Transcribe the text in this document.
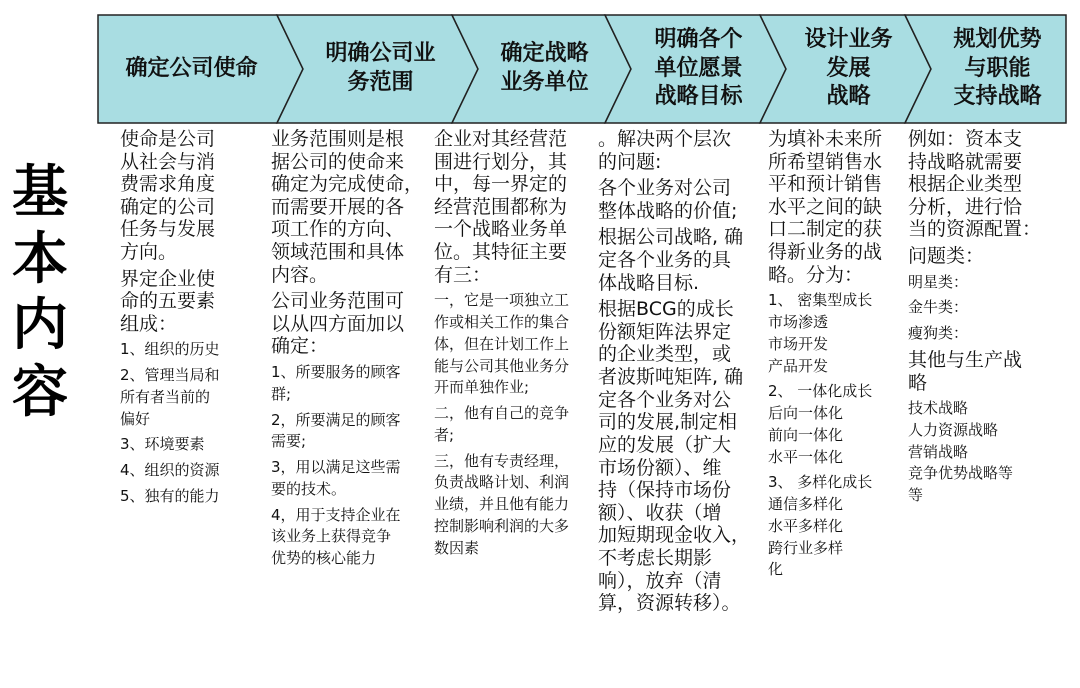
确定公司使命
明确公司业
务范围
确定战略
业务单位
明确各个
单位愿景
战略目标
设计业务
发展
战略
规划优势
与职能
支持战略
基
本
内
容

使命是公司
从社会与消
费需求角度
确定的公司
任务与发展
方向。

界定企业使
命的五要素
组成：

1、组织的历史

2、管理当局和
所有者当前的
偏好

3、环境要素

4、组织的资源

5、独有的能力

业务范围则是根
据公司的使命来
确定为完成使命，
而需要开展的各
项工作的方向、
领域范围和具体
内容。

公司业务范围可
以从四方面加以
确定：

1、所要服务的顾客
群;

2，所要满足的顾客
需要;

3，用以满足这些需
要的技术。

4，用于支持企业在
该业务上获得竞争
优势的核心能力

企业对其经营范
围进行划分，其
中，每一界定的
经营范围都称为
一个战略业务单
位。其特征主要
有三：

一，它是一项独立工
作或相关工作的集合
体，但在计划工作上
能与公司其他业务分
开而单独作业;

二，他有自己的竞争
者;

三，他有专责经理，
负责战略计划、利润
业绩，并且他有能力
控制影响利润的大多
数因素

。解决两个层次
的问题:

各个业务对公司
整体战略的价值;

根据公司战略, 确
定各个业务的具
体战略目标.

根据BCG的成长
份额矩阵法界定
的企业类型，或
者波斯吨矩阵, 确
定各个业务对公
司的发展,制定相
应的发展（扩大
市场份额）、维
持（保持市场份
额）、收获（增
加短期现金收入，
不考虑长期影
响），放弃（清
算，资源转移）。

为填补未来所
所希望销售水
平和预计销售
水平之间的缺
口二制定的获
得新业务的战
略。分为：

1、 密集型成长
市场渗透
市场开发
产品开发

2、 一体化成长
后向一体化
前向一体化
水平一体化

3、 多样化成长
通信多样化
水平多样化
跨行业多样
化

例如：资本支
持战略就需要
根据企业类型
分析，进行恰
当的资源配置：

问题类：

明星类：

金牛类：

瘦狗类：

其他与生产战
略

技术战略
人力资源战略
营销战略
竞争优势战略等
等
